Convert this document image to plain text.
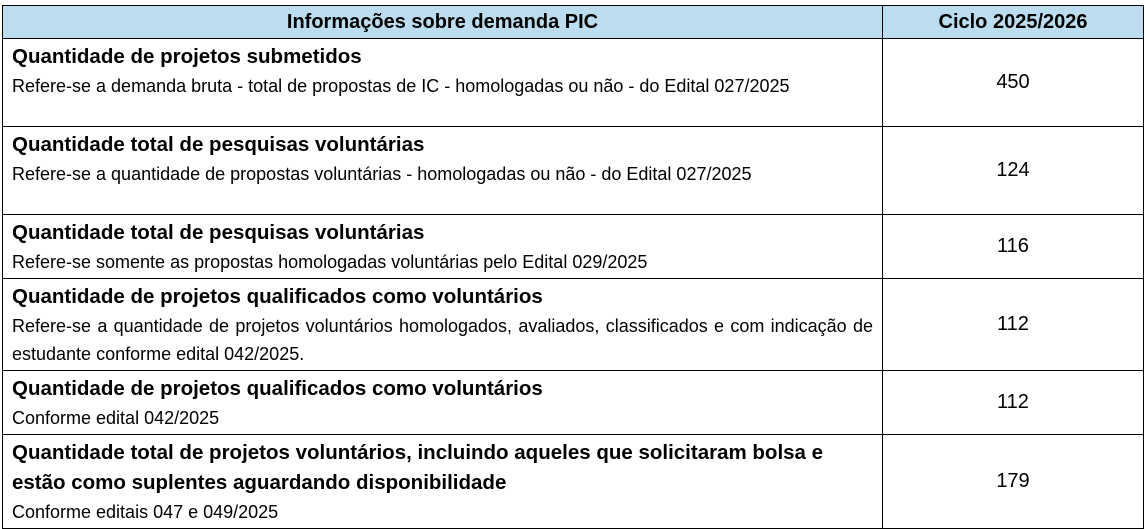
Informações sobre demanda PIC	Ciclo 2025/2026

Quantidade de projetos submetidos
Refere-se a demanda bruta - total de propostas de IC - homologadas ou não - do Edital 027/2025	450

Quantidade total de pesquisas voluntárias
Refere-se a quantidade de propostas voluntárias - homologadas ou não - do Edital 027/2025	124

Quantidade total de pesquisas voluntárias
Refere-se somente as propostas homologadas voluntárias pelo Edital 029/2025	116

Quantidade de projetos qualificados como voluntários
Refere-se a quantidade de projetos voluntários homologados, avaliados, classificados e com indicação de estudante conforme edital 042/2025.	112

Quantidade de projetos qualificados como voluntários
Conforme edital 042/2025	112

Quantidade total de projetos voluntários, incluindo aqueles que solicitaram bolsa e estão como suplentes aguardando disponibilidade
Conforme editais 047 e 049/2025	179
